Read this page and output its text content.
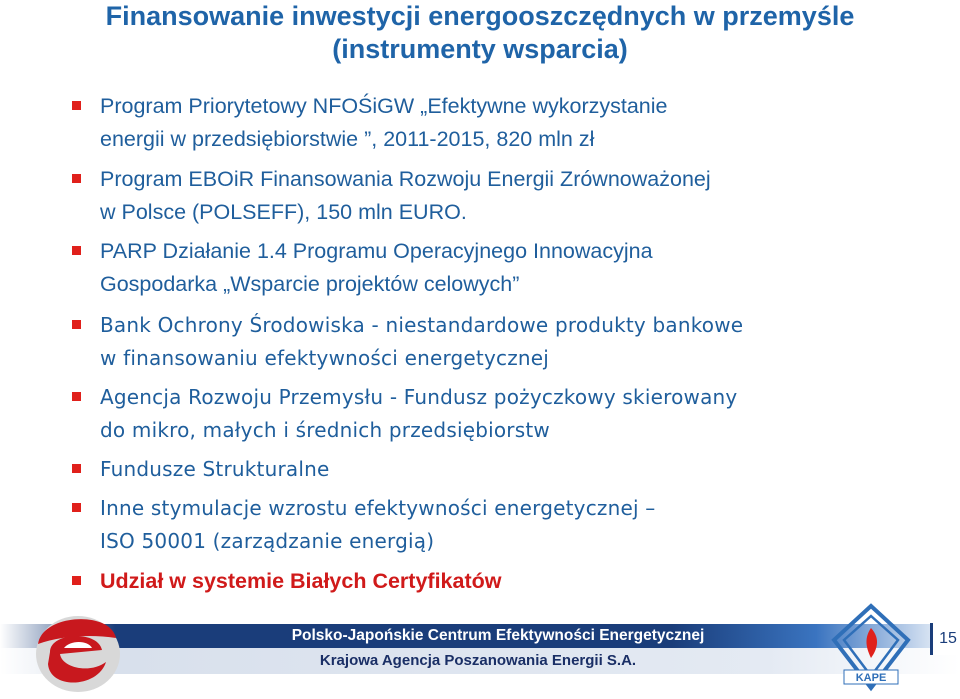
Finansowanie inwestycji energooszczędnych w przemyśle
(instrumenty wsparcia)
Program Priorytetowy NFOŚiGW „Efektywne wykorzystanie
energii w przedsiębiorstwie ”, 2011-2015, 820 mln zł
Program EBOiR Finansowania Rozwoju Energii Zrównoważonej
w Polsce (POLSEFF), 150 mln EURO.
PARP Działanie 1.4 Programu Operacyjnego Innowacyjna
Gospodarka „Wsparcie projektów celowych”
Bank Ochrony Środowiska - niestandardowe produkty bankowe
w finansowaniu efektywności energetycznej
Agencja Rozwoju Przemysłu - Fundusz pożyczkowy skierowany
do mikro, małych i średnich przedsiębiorstw
Fundusze Strukturalne
Inne stymulacje wzrostu efektywności energetycznej –
ISO 50001 (zarządzanie energią)
Udział w systemie Białych Certyfikatów
Polsko-Japońskie Centrum Efektywności Energetycznej
Krajowa Agencja Poszanowania Energii S.A.
15
KAPE
